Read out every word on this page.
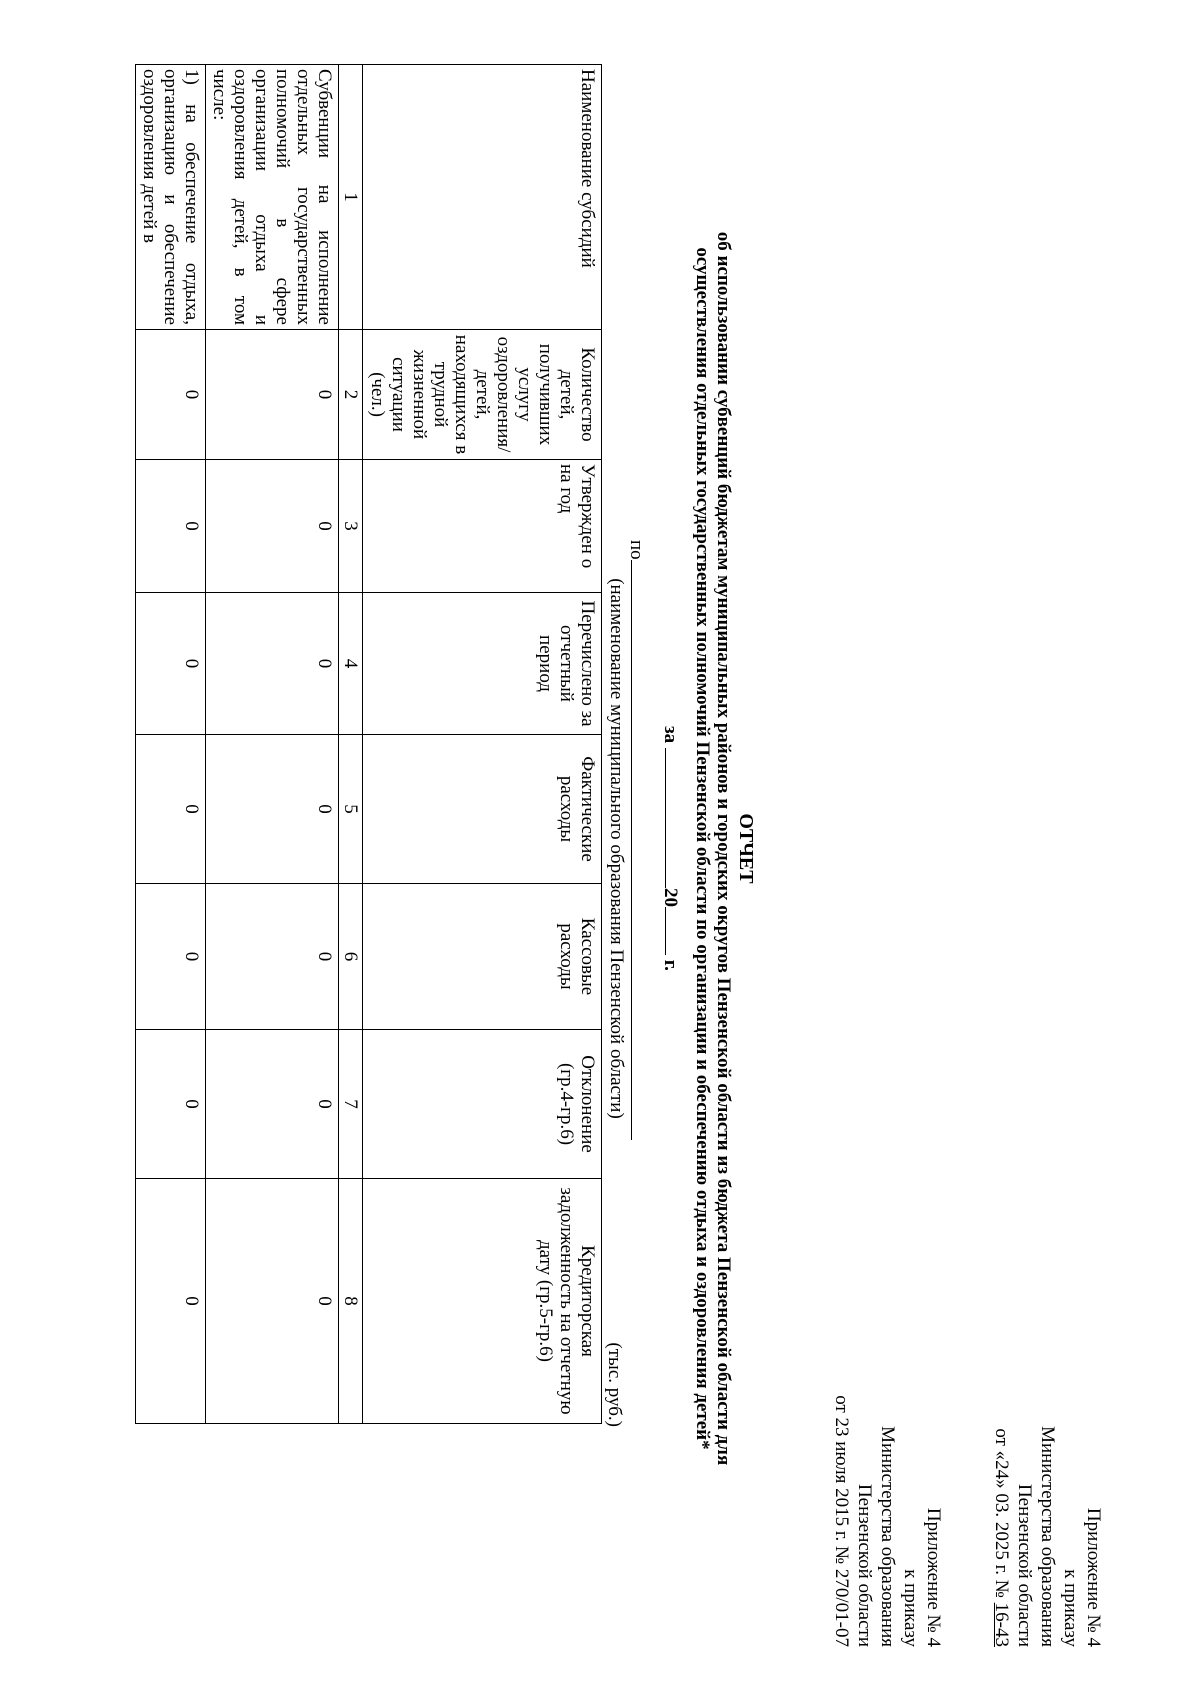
Приложение № 4
к приказу
Министерства образования
Пензенской области
от «24» 03. 2025 г. № 16-43
Приложение № 4
к приказу
Министерства образования
Пензенской области
от 23 июля 2015 г. № 270/01-07
ОТЧЕТ
об использовании субвенций бюджетам муниципальных районов и городских округов Пензенской области из бюджета Пензенской области для
осуществления отдельных государственных полномочий Пензенской области по организации и обеспечению отдыха и оздоровления детей*
за 20 г.
по
(наименование муниципального образования Пензенской области)
(тыс. руб.)
Наименование субсидий	Количество детей, получивших услугу оздоровления/ детей, находящихся в трудной жизненной ситуации (чел.)	Утвержден о на год	Перечислено за отчетный период	Фактические расходы	Кассовые расходы	Отклонение (гр.4-гр.6)	Кредиторская задолженность на отчетную дату (гр.5-гр.6)
1	2	3	4	5	6	7	8
Субвенции на исполнение отдельных государственных полномочий в сфере организации отдыха и оздоровления детей, в том числе:	0	0	0	0	0	0	0
1) на обеспечение отдыха, организацию и обеспечение оздоровления детей в	0	0	0	0	0	0	0
